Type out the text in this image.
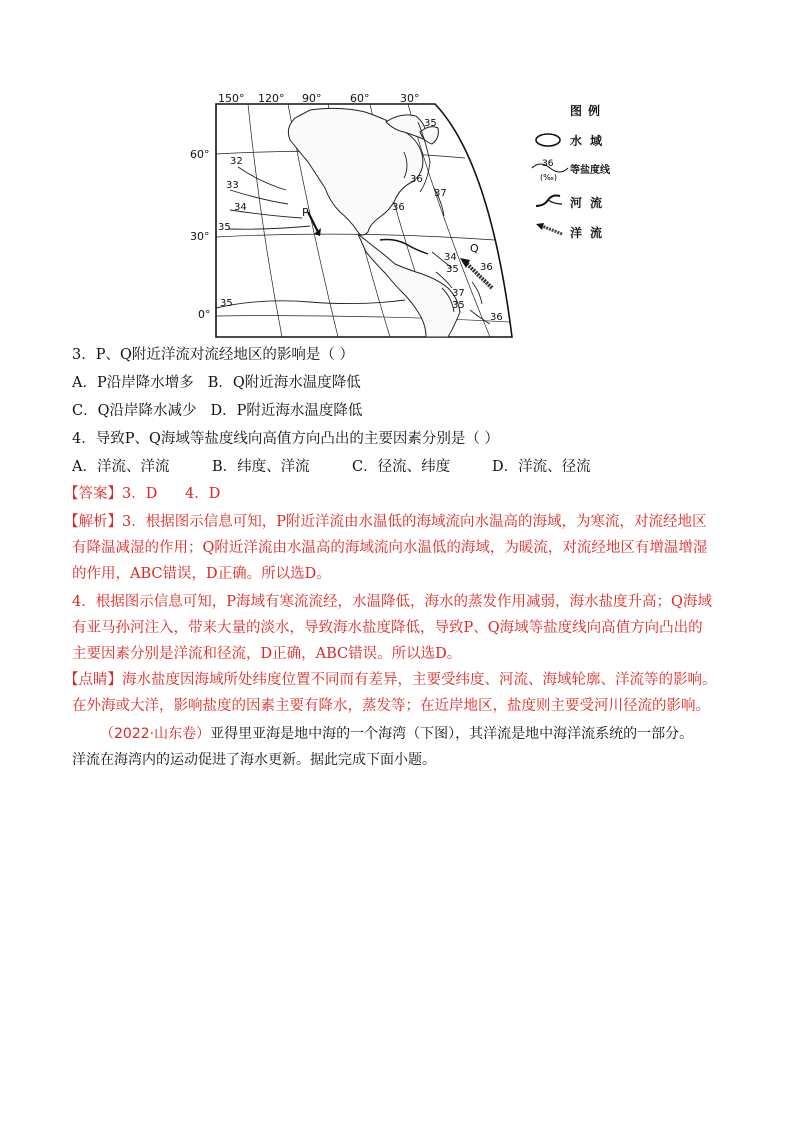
150° 120° 90°	60°	30°
60°
30°
0°
35
32
33
34
35
35
36
37
36
34
35 36
37
36
35
P
Q
图例
水域
36
(‰)
等盐度线
河流
洋流
3．P、Q附近洋流对流经地区的影响是（ ）
A．P沿岸降水增多 B．Q附近海水温度降低
C．Q沿岸降水减少 D．P附近海水温度降低
4．导致P、Q海域等盐度线向高值方向凸出的主要因素分别是（ ）
A．洋流、洋流	B．纬度、洋流	C．径流、纬度	D．洋流、径流
【答案】3．D      4．D
【解析】3．根据图示信息可知，P附近洋流由水温低的海域流向水温高的海域，为寒流，对流经地区
有降温减湿的作用；Q附近洋流由水温高的海域流向水温低的海域，为暖流，对流经地区有增温增湿
的作用，ABC错误，D正确。所以选D。
4．根据图示信息可知，P海域有寒流流经，水温降低，海水的蒸发作用减弱，海水盐度升高；Q海域
有亚马孙河注入，带来大量的淡水，导致海水盐度降低，导致P、Q海域等盐度线向高值方向凸出的
主要因素分别是洋流和径流，D正确，ABC错误。所以选D。
【点睛】海水盐度因海域所处纬度位置不同而有差异，主要受纬度、河流、海域轮廓、洋流等的影响。
在外海或大洋，影响盐度的因素主要有降水，蒸发等；在近岸地区，盐度则主要受河川径流的影响。
（2022·山东卷）亚得里亚海是地中海的一个海湾（下图），其洋流是地中海洋流系统的一部分。
洋流在海湾内的运动促进了海水更新。据此完成下面小题。
